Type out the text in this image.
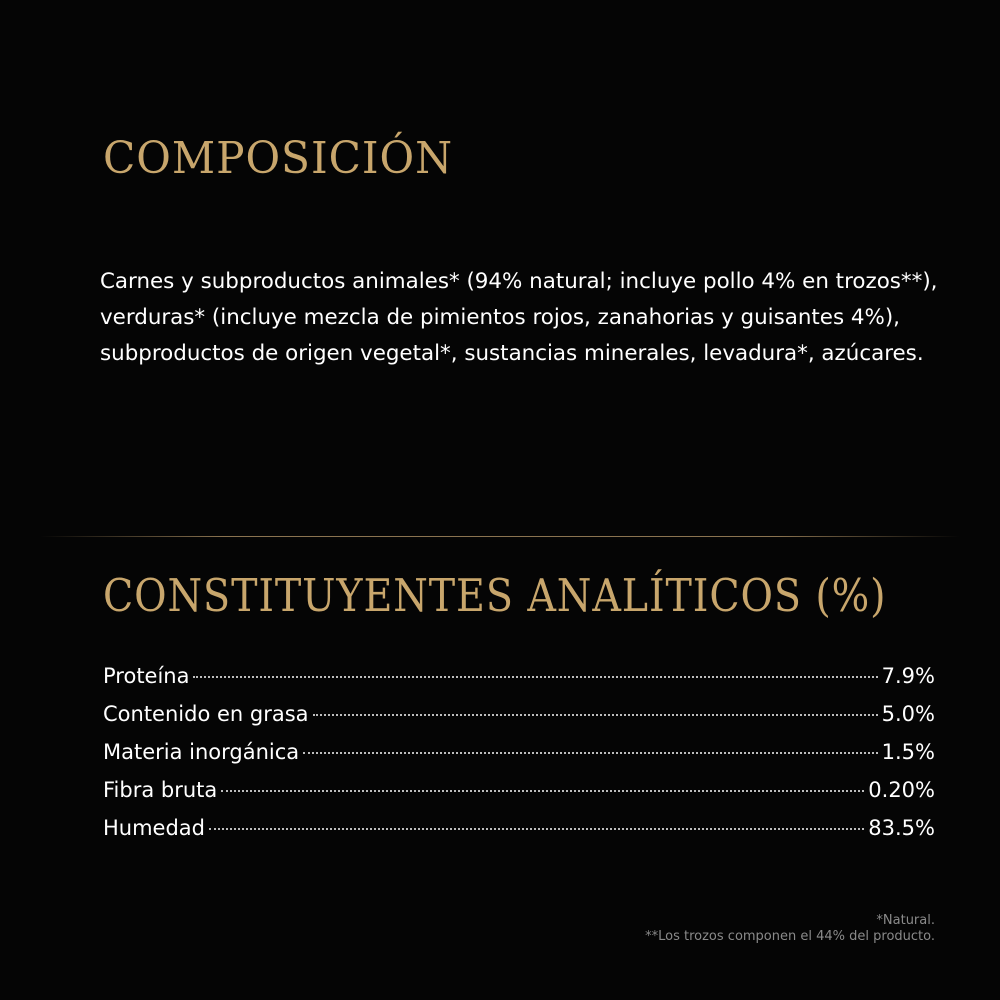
COMPOSICIÓN

Carnes y subproductos animales* (94% natural; incluye pollo 4% en trozos**), verduras* (incluye mezcla de pimientos rojos, zanahorias y guisantes 4%), subproductos de origen vegetal*, sustancias minerales, levadura*, azúcares.

CONSTITUYENTES ANALÍTICOS (%)
Proteína	7.9%
Contenido en grasa	5.0%
Materia inorgánica	1.5%
Fibra bruta	0.20%
Humedad	83.5%
*Natural.
**Los trozos componen el 44% del producto.
